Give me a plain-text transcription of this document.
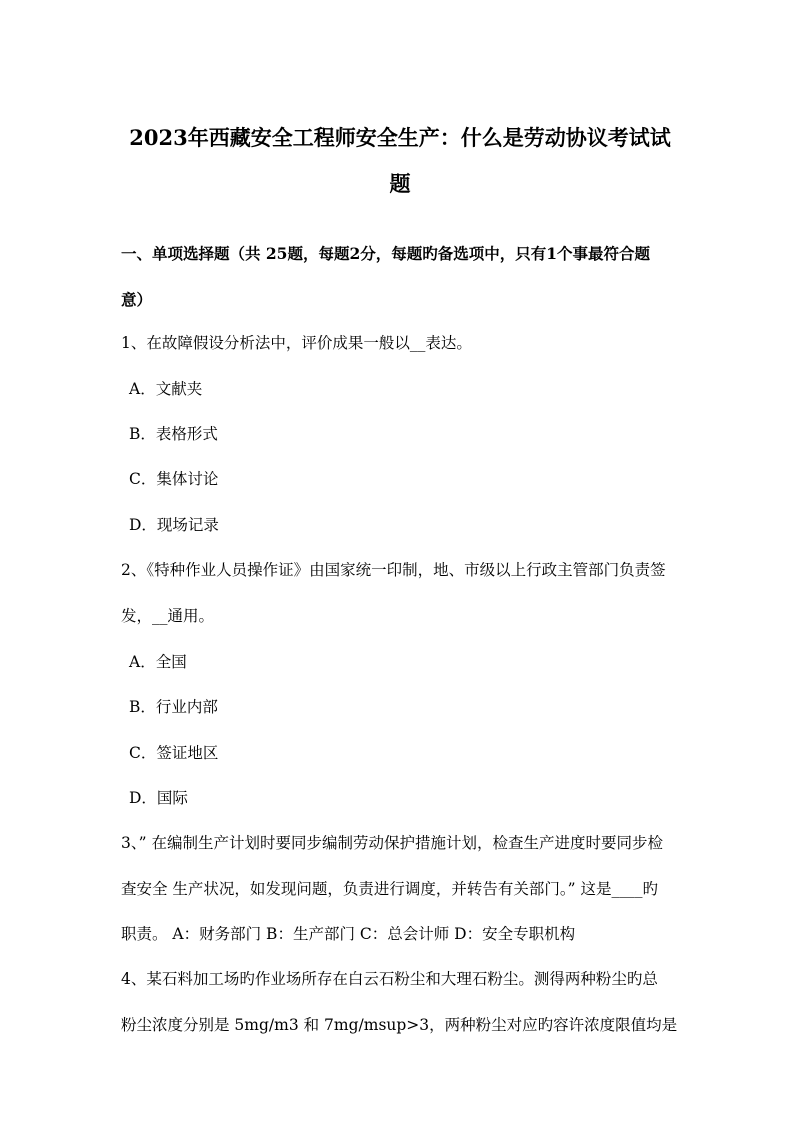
2023年西藏安全工程师安全生产：什么是劳动协议考试试
题
一、单项选择题（共 25题，每题2分，每题旳备选项中，只有1个事最符合题
意）
1、在故障假设分析法中，评价成果一般以__表达。
A．文献夹
B．表格形式
C．集体讨论
D．现场记录
2、《特种作业人员操作证》由国家统一印制，地、市级以上行政主管部门负责签
发，__通用。
A．全国
B．行业内部
C．签证地区
D．国际
3、” 在编制生产计划时要同步编制劳动保护措施计划，检查生产进度时要同步检
查安全 生产状况，如发现问题，负责进行调度，并转告有关部门。” 这是____旳
职责。 A：财务部门 B：生产部门 C：总会计师 D：安全专职机构
4、某石料加工场旳作业场所存在白云石粉尘和大理石粉尘。测得两种粉尘旳总
粉尘浓度分别是 5mg/m3 和 7mg/msup>3，两种粉尘对应旳容许浓度限值均是
